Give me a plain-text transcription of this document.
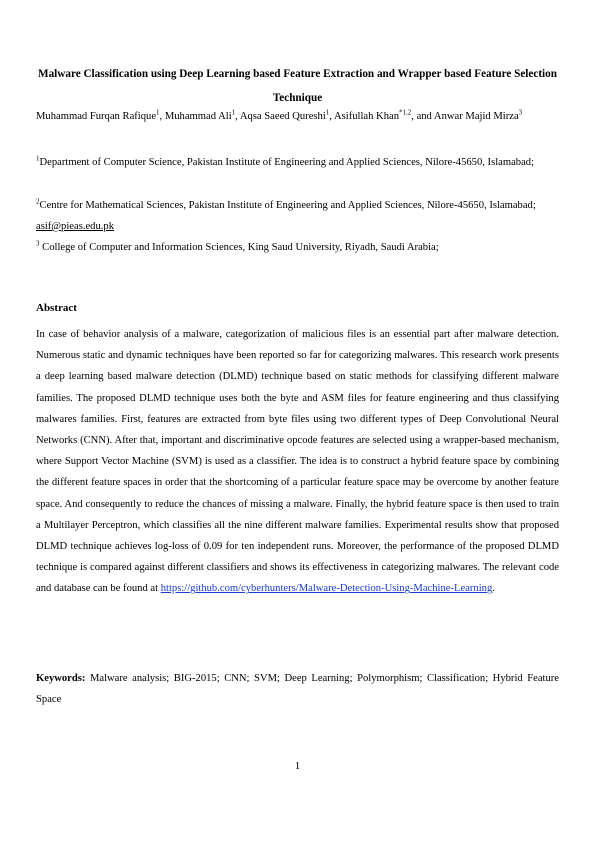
Malware Classification using Deep Learning based Feature Extraction and Wrapper based Feature Selection Technique
Muhammad Furqan Rafique$^1$, Muhammad Ali$^1$, Aqsa Saeed Qureshi$^1$, Asifullah Khan$^{*1,2}$, and Anwar Majid Mirza$^3$
$^1$Department of Computer Science, Pakistan Institute of Engineering and Applied Sciences, Nilore-45650, Islamabad;
$^2$Centre for Mathematical Sciences, Pakistan Institute of Engineering and Applied Sciences, Nilore-45650, Islamabad; asif@pieas.edu.pk
$^3$ College of Computer and Information Sciences, King Saud University, Riyadh, Saudi Arabia;
Abstract
In case of behavior analysis of a malware, categorization of malicious files is an essential part after malware detection. Numerous static and dynamic techniques have been reported so far for categorizing malwares. This research work presents a deep learning based malware detection (DLMD) technique based on static methods for classifying different malware families. The proposed DLMD technique uses both the byte and ASM files for feature engineering and thus classifying malwares families. First, features are extracted from byte files using two different types of Deep Convolutional Neural Networks (CNN). After that, important and discriminative opcode features are selected using a wrapper-based mechanism, where Support Vector Machine (SVM) is used as a classifier. The idea is to construct a hybrid feature space by combining the different feature spaces in order that the shortcoming of a particular feature space may be overcome by another feature space. And consequently to reduce the chances of missing a malware. Finally, the hybrid feature space is then used to train a Multilayer Perceptron, which classifies all the nine different malware families. Experimental results show that proposed DLMD technique achieves log-loss of 0.09 for ten independent runs. Moreover, the performance of the proposed DLMD technique is compared against different classifiers and shows its effectiveness in categorizing malwares. The relevant code and database can be found at https://github.com/cyberhunters/Malware-Detection-Using-Machine-Learning.
Keywords: Malware analysis; BIG-2015; CNN; SVM; Deep Learning; Polymorphism; Classification; Hybrid Feature Space
1
